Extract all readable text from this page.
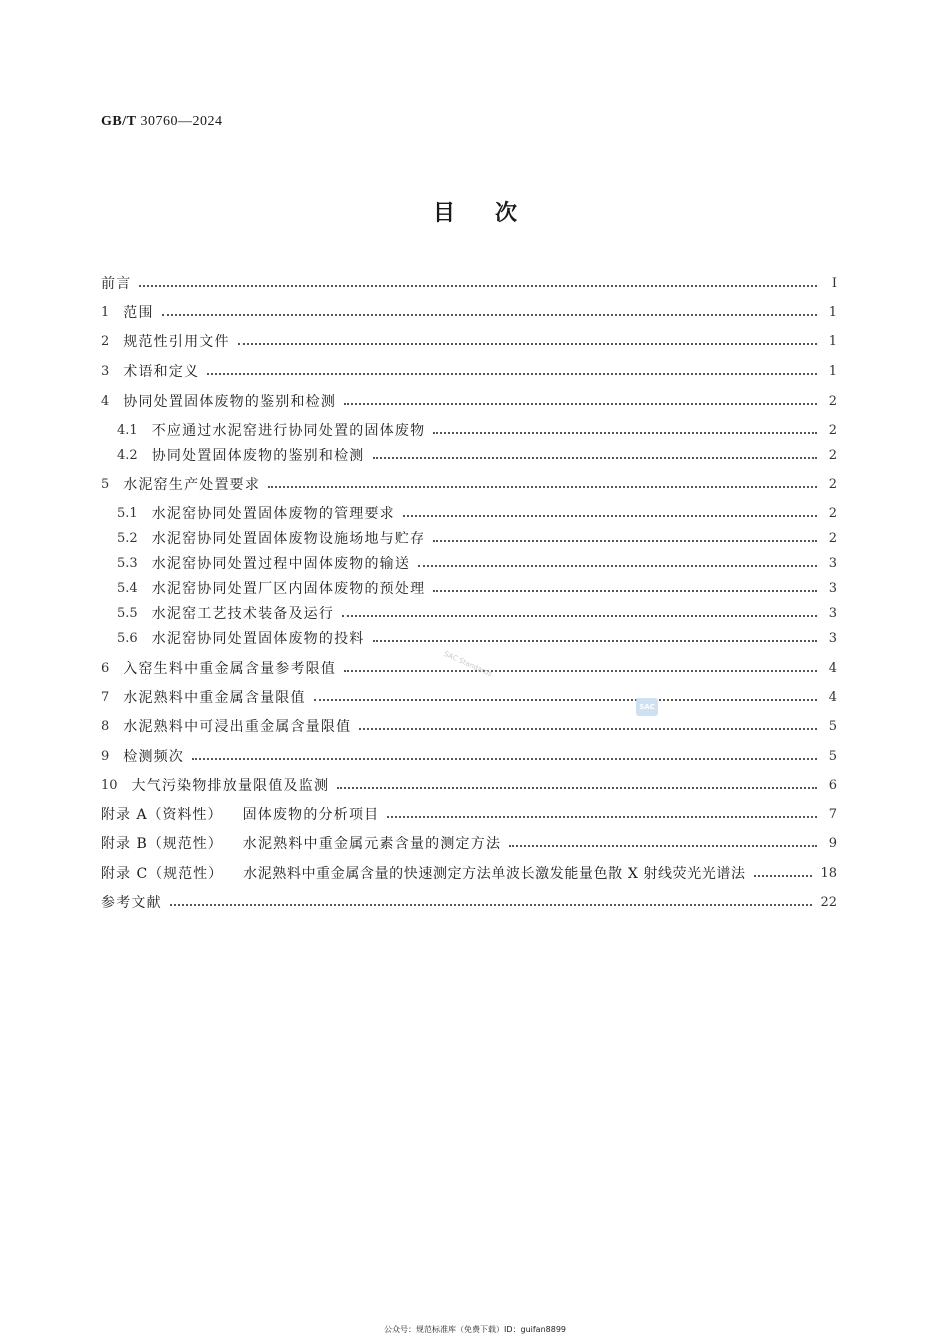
GB/T 30760—2024
目次
前言	I
1 范围	1
2 规范性引用文件	1
3 术语和定义	1
4 协同处置固体废物的鉴别和检测	2
4.1 不应通过水泥窑进行协同处置的固体废物	2
4.2 协同处置固体废物的鉴别和检测	2
5 水泥窑生产处置要求	2
5.1 水泥窑协同处置固体废物的管理要求	2
5.2 水泥窑协同处置固体废物设施场地与贮存	2
5.3 水泥窑协同处置过程中固体废物的输送	3
5.4 水泥窑协同处置厂区内固体废物的预处理	3
5.5 水泥窑工艺技术装备及运行	3
5.6 水泥窑协同处置固体废物的投料	3
6 入窑生料中重金属含量参考限值	4
7 水泥熟料中重金属含量限值	4
8 水泥熟料中可浸出重金属含量限值	5
9 检测频次	5
10 大气污染物排放量限值及监测	6
附录 A（资料性） 固体废物的分析项目	7
附录 B（规范性） 水泥熟料中重金属元素含量的测定方法	9
附录 C（规范性） 水泥熟料中重金属含量的快速测定方法单波长激发能量色散 X 射线荧光光谱法	18
参考文献	22
SAC Standards
SAC
公众号：规范标准库（免费下载）ID：guifan8899
